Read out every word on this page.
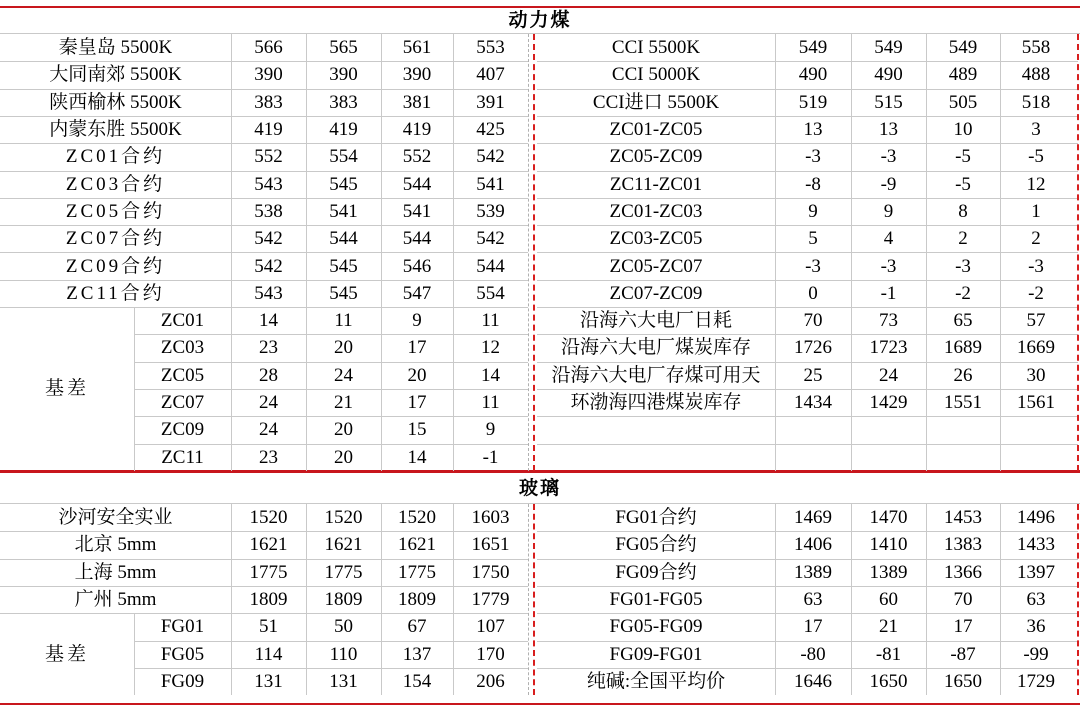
动力煤
秦皇岛 5500K	566	565	561	553
大同南郊 5500K	390	390	390	407
陕西榆林 5500K	383	383	381	391
内蒙东胜 5500K	419	419	419	425
ZC01合约	552	554	552	542
ZC03合约	543	545	544	541
ZC05合约	538	541	541	539
ZC07合约	542	544	544	542
ZC09合约	542	545	546	544
ZC11合约	543	545	547	554
基差
ZC01	14	11	9	11
ZC03	23	20	17	12
ZC05	28	24	20	14
ZC07	24	21	17	11
ZC09	24	20	15	9
ZC11	23	20	14	-1
CCI 5500K	549	549	549	558
CCI 5000K	490	490	489	488
CCI进口 5500K	519	515	505	518
ZC01-ZC05	13	13	10	3
ZC05-ZC09	-3	-3	-5	-5
ZC11-ZC01	-8	-9	-5	12
ZC01-ZC03	9	9	8	1
ZC03-ZC05	5	4	2	2
ZC05-ZC07	-3	-3	-3	-3
ZC07-ZC09	0	-1	-2	-2
沿海六大电厂日耗	70	73	65	57
沿海六大电厂煤炭库存	1726	1723	1689	1669
沿海六大电厂存煤可用天	25	24	26	30
环渤海四港煤炭库存	1434	1429	1551	1561
玻璃
沙河安全实业	1520	1520	1520	1603
北京 5mm	1621	1621	1621	1651
上海 5mm	1775	1775	1775	1750
广州 5mm	1809	1809	1809	1779
基差
FG01	51	50	67	107
FG05	114	110	137	170
FG09	131	131	154	206
FG01合约	1469	1470	1453	1496
FG05合约	1406	1410	1383	1433
FG09合约	1389	1389	1366	1397
FG01-FG05	63	60	70	63
FG05-FG09	17	21	17	36
FG09-FG01	-80	-81	-87	-99
纯碱:全国平均价	1646	1650	1650	1729
